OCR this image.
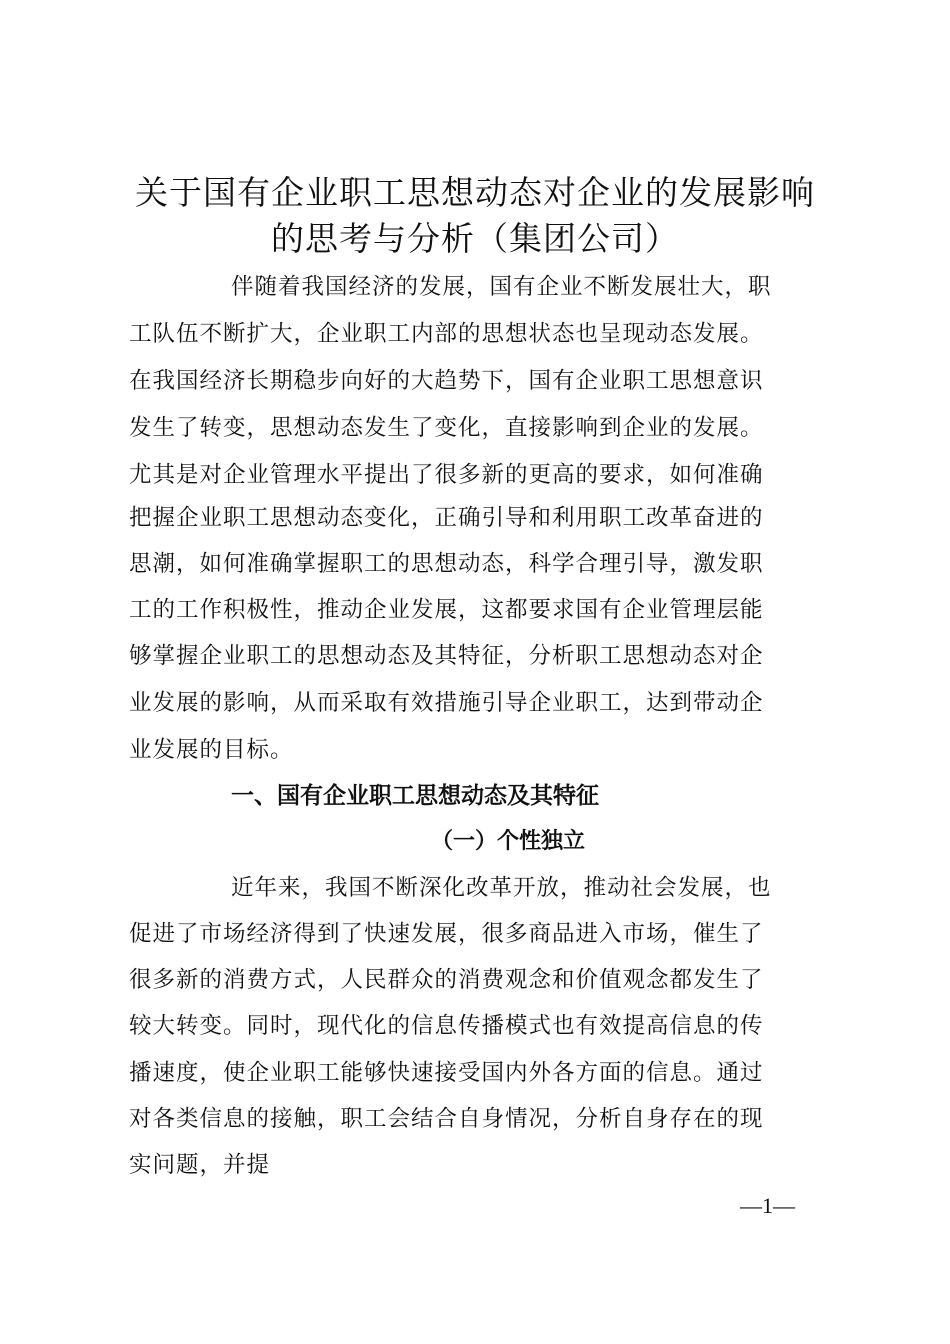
关于国有企业职工思想动态对企业的发展影响
的思考与分析（集团公司）
伴随着我国经济的发展，国有企业不断发展壮大，职
工队伍不断扩大，企业职工内部的思想状态也呈现动态发展。
在我国经济长期稳步向好的大趋势下，国有企业职工思想意识
发生了转变，思想动态发生了变化，直接影响到企业的发展。
尤其是对企业管理水平提出了很多新的更高的要求，如何准确
把握企业职工思想动态变化，正确引导和利用职工改革奋进的
思潮，如何准确掌握职工的思想动态，科学合理引导，激发职
工的工作积极性，推动企业发展，这都要求国有企业管理层能
够掌握企业职工的思想动态及其特征，分析职工思想动态对企
业发展的影响，从而采取有效措施引导企业职工，达到带动企
业发展的目标。
一、国有企业职工思想动态及其特征
（一）个性独立
近年来，我国不断深化改革开放，推动社会发展，也
促进了市场经济得到了快速发展，很多商品进入市场，催生了
很多新的消费方式，人民群众的消费观念和价值观念都发生了
较大转变。同时，现代化的信息传播模式也有效提高信息的传
播速度，使企业职工能够快速接受国内外各方面的信息。通过
对各类信息的接触，职工会结合自身情况，分析自身存在的现
实问题，并提
—1—
